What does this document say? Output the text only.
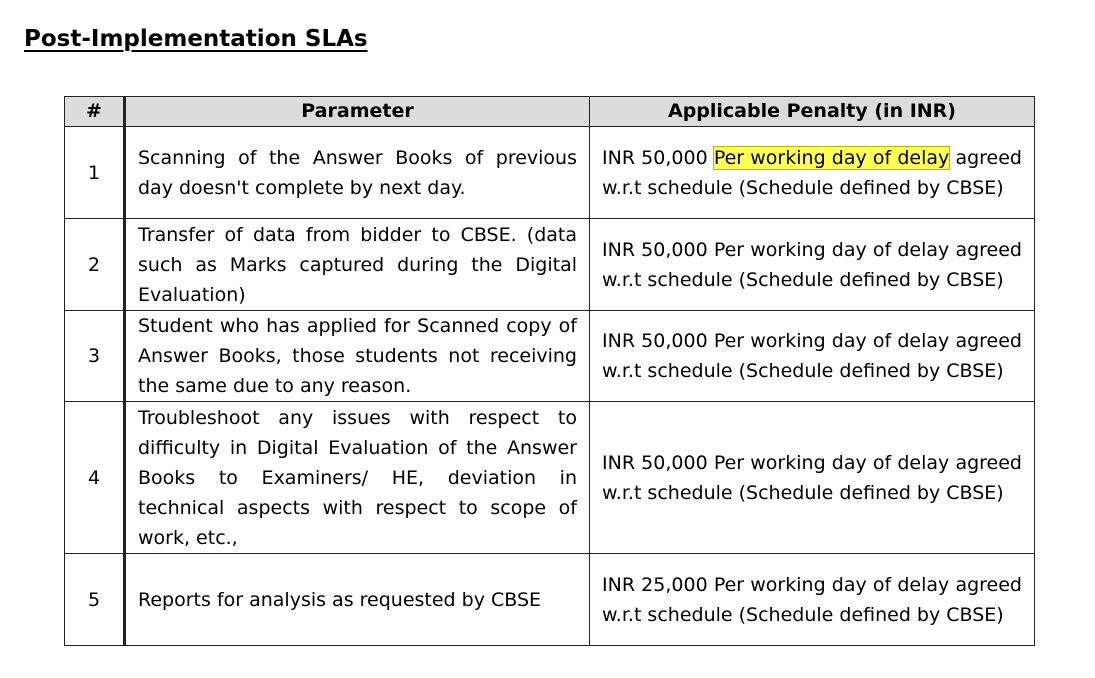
Post-Implementation SLAs
#	Parameter	Applicable Penalty (in INR)
1	Scanning of the Answer Books of previous day doesn't complete by next day.	INR 50,000 Per working day of delay agreed w.r.t schedule (Schedule defined by CBSE)
2	Transfer of data from bidder to CBSE. (data such as Marks captured during the Digital Evaluation)	INR 50,000 Per working day of delay agreed w.r.t schedule (Schedule defined by CBSE)
3	Student who has applied for Scanned copy of Answer Books, those students not receiving the same due to any reason.	INR 50,000 Per working day of delay agreed w.r.t schedule (Schedule defined by CBSE)
4	Troubleshoot any issues with respect to difficulty in Digital Evaluation of the Answer Books to Examiners/ HE, deviation in technical aspects with respect to scope of work, etc.,	INR 50,000 Per working day of delay agreed w.r.t schedule (Schedule defined by CBSE)
5	Reports for analysis as requested by CBSE	INR 25,000 Per working day of delay agreed w.r.t schedule (Schedule defined by CBSE)
